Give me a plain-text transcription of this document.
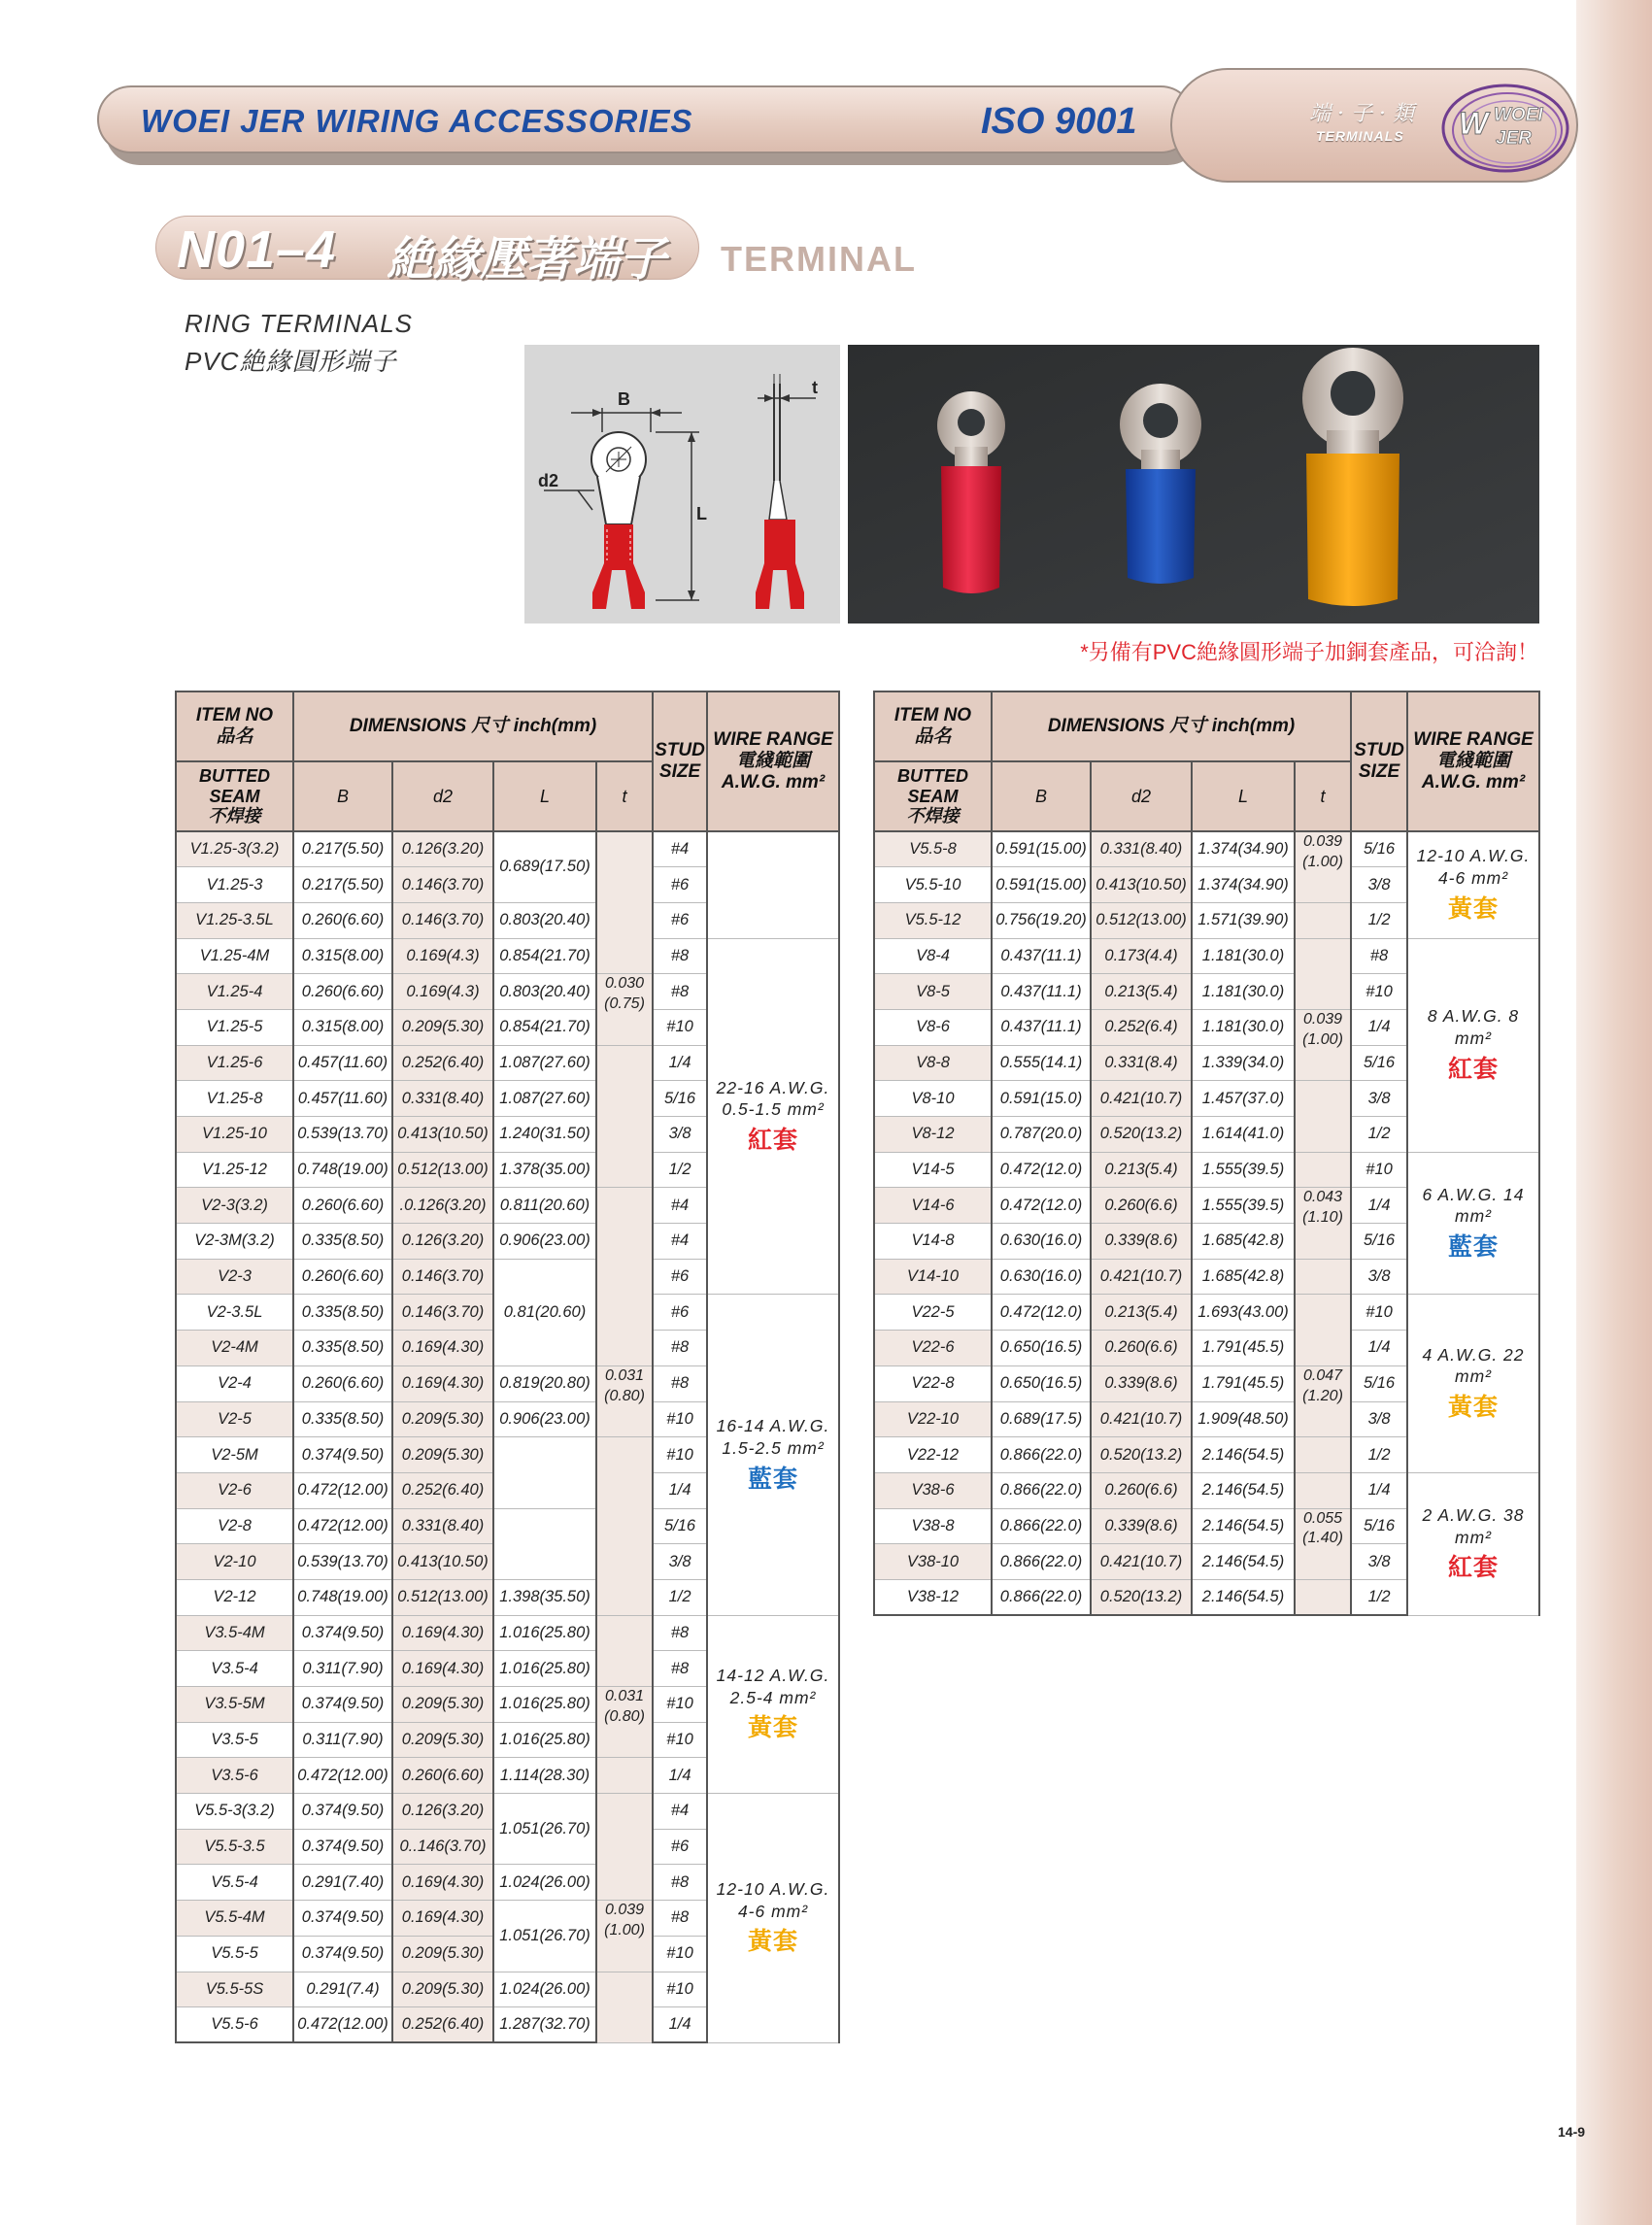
WOEI JER WIRING ACCESSORIES	ISO 9001	端 · 子 · 類
TERMINALS W WOEI
JER
N01–4 絶緣壓著端子 TERMINAL
RING TERMINALS
PVC絶緣圓形端子
B
d2
L
t
*另備有PVC絶緣圓形端子加銅套產品，可洽詢！
ITEM NO
品名	DIMENSIONS 尺寸 inch(mm)				STUD SIZE	WIRE RANGE
電綫範圍
A.W.G. mm²
BUTTED SEAM
不焊接	B	d2	L	t		
V1.25-3(3.2)	0.217(5.50)	0.126(3.20)	0.689(17.50)		#4	
V1.25-3	0.217(5.50)	0.146(3.70)			#6	
V1.25-3.5L	0.260(6.60)	0.146(3.70)	0.803(20.40)		#6	
V1.25-4M	0.315(8.00)	0.169(4.3)	0.854(21.70)		#8	22-16 A.W.G. 0.5-1.5 mm²
紅套

V1.25-4	0.260(6.60)	0.169(4.3)	0.803(20.40)	0.030 (0.75)	#8	
V1.25-5	0.315(8.00)	0.209(5.30)	0.854(21.70)		#10	
V1.25-6	0.457(11.60)	0.252(6.40)	1.087(27.60)		1/4	
V1.25-8	0.457(11.60)	0.331(8.40)	1.087(27.60)		5/16	
V1.25-10	0.539(13.70)	0.413(10.50)	1.240(31.50)		3/8	
V1.25-12	0.748(19.00)	0.512(13.00)	1.378(35.00)		1/2	
V2-3(3.2)	0.260(6.60)	.0.126(3.20)	0.811(20.60)		#4	
V2-3M(3.2)	0.335(8.50)	0.126(3.20)	0.906(23.00)		#4	
V2-3	0.260(6.60)	0.146(3.70)	0.81(20.60)		#6	
V2-3.5L	0.335(8.50)	0.146(3.70)			#6	16-14 A.W.G. 1.5-2.5 mm²
藍套

V2-4M	0.335(8.50)	0.169(4.30)			#8	
V2-4	0.260(6.60)	0.169(4.30)	0.819(20.80)	0.031 (0.80)	#8	
V2-5	0.335(8.50)	0.209(5.30)	0.906(23.00)		#10	
V2-5M	0.374(9.50)	0.209(5.30)			#10	
V2-6	0.472(12.00)	0.252(6.40)			1/4	
V2-8	0.472(12.00)	0.331(8.40)			5/16	
V2-10	0.539(13.70)	0.413(10.50)			3/8	
V2-12	0.748(19.00)	0.512(13.00)	1.398(35.50)		1/2	
V3.5-4M	0.374(9.50)	0.169(4.30)	1.016(25.80)		#8	14-12 A.W.G. 2.5-4 mm²
黃套

V3.5-4	0.311(7.90)	0.169(4.30)	1.016(25.80)		#8	
V3.5-5M	0.374(9.50)	0.209(5.30)	1.016(25.80)	0.031 (0.80)	#10	
V3.5-5	0.311(7.90)	0.209(5.30)	1.016(25.80)		#10	
V3.5-6	0.472(12.00)	0.260(6.60)	1.114(28.30)		1/4	
V5.5-3(3.2)	0.374(9.50)	0.126(3.20)	1.051(26.70)		#4	12-10 A.W.G. 4-6 mm²
黃套

V5.5-3.5	0.374(9.50)	0..146(3.70)			#6	
V5.5-4	0.291(7.40)	0.169(4.30)	1.024(26.00)		#8	
V5.5-4M	0.374(9.50)	0.169(4.30)	1.051(26.70)	0.039 (1.00)	#8	
V5.5-5	0.374(9.50)	0.209(5.30)			#10	
V5.5-5S	0.291(7.4)	0.209(5.30)	1.024(26.00)		#10	
V5.5-6	0.472(12.00)	0.252(6.40)	1.287(32.70)		1/4	
ITEM NO
品名	DIMENSIONS 尺寸 inch(mm)				STUD SIZE	WIRE RANGE
電綫範圍
A.W.G. mm²
BUTTED SEAM
不焊接	B	d2	L	t		
V5.5-8	0.591(15.00)	0.331(8.40)	1.374(34.90)	0.039 (1.00)	5/16	12-10 A.W.G. 4-6 mm²
黃套

V5.5-10	0.591(15.00)	0.413(10.50)	1.374(34.90)		3/8	
V5.5-12	0.756(19.20)	0.512(13.00)	1.571(39.90)		1/2	
V8-4	0.437(11.1)	0.173(4.4)	1.181(30.0)		#8	8 A.W.G. 8 mm²
紅套

V8-5	0.437(11.1)	0.213(5.4)	1.181(30.0)		#10	
V8-6	0.437(11.1)	0.252(6.4)	1.181(30.0)	0.039 (1.00)	1/4	
V8-8	0.555(14.1)	0.331(8.4)	1.339(34.0)		5/16	
V8-10	0.591(15.0)	0.421(10.7)	1.457(37.0)		3/8	
V8-12	0.787(20.0)	0.520(13.2)	1.614(41.0)		1/2	
V14-5	0.472(12.0)	0.213(5.4)	1.555(39.5)		#10	6 A.W.G. 14 mm²
藍套

V14-6	0.472(12.0)	0.260(6.6)	1.555(39.5)	0.043 (1.10)	1/4	
V14-8	0.630(16.0)	0.339(8.6)	1.685(42.8)		5/16	
V14-10	0.630(16.0)	0.421(10.7)	1.685(42.8)		3/8	
V22-5	0.472(12.0)	0.213(5.4)	1.693(43.00)		#10	4 A.W.G. 22 mm²
黃套

V22-6	0.650(16.5)	0.260(6.6)	1.791(45.5)		1/4	
V22-8	0.650(16.5)	0.339(8.6)	1.791(45.5)	0.047 (1.20)	5/16	
V22-10	0.689(17.5)	0.421(10.7)	1.909(48.50)		3/8	
V22-12	0.866(22.0)	0.520(13.2)	2.146(54.5)		1/2	
V38-6	0.866(22.0)	0.260(6.6)	2.146(54.5)		1/4	2 A.W.G. 38 mm²
紅套

V38-8	0.866(22.0)	0.339(8.6)	2.146(54.5)	0.055 (1.40)	5/16	
V38-10	0.866(22.0)	0.421(10.7)	2.146(54.5)		3/8	
V38-12	0.866(22.0)	0.520(13.2)	2.146(54.5)		1/2	
14-9
